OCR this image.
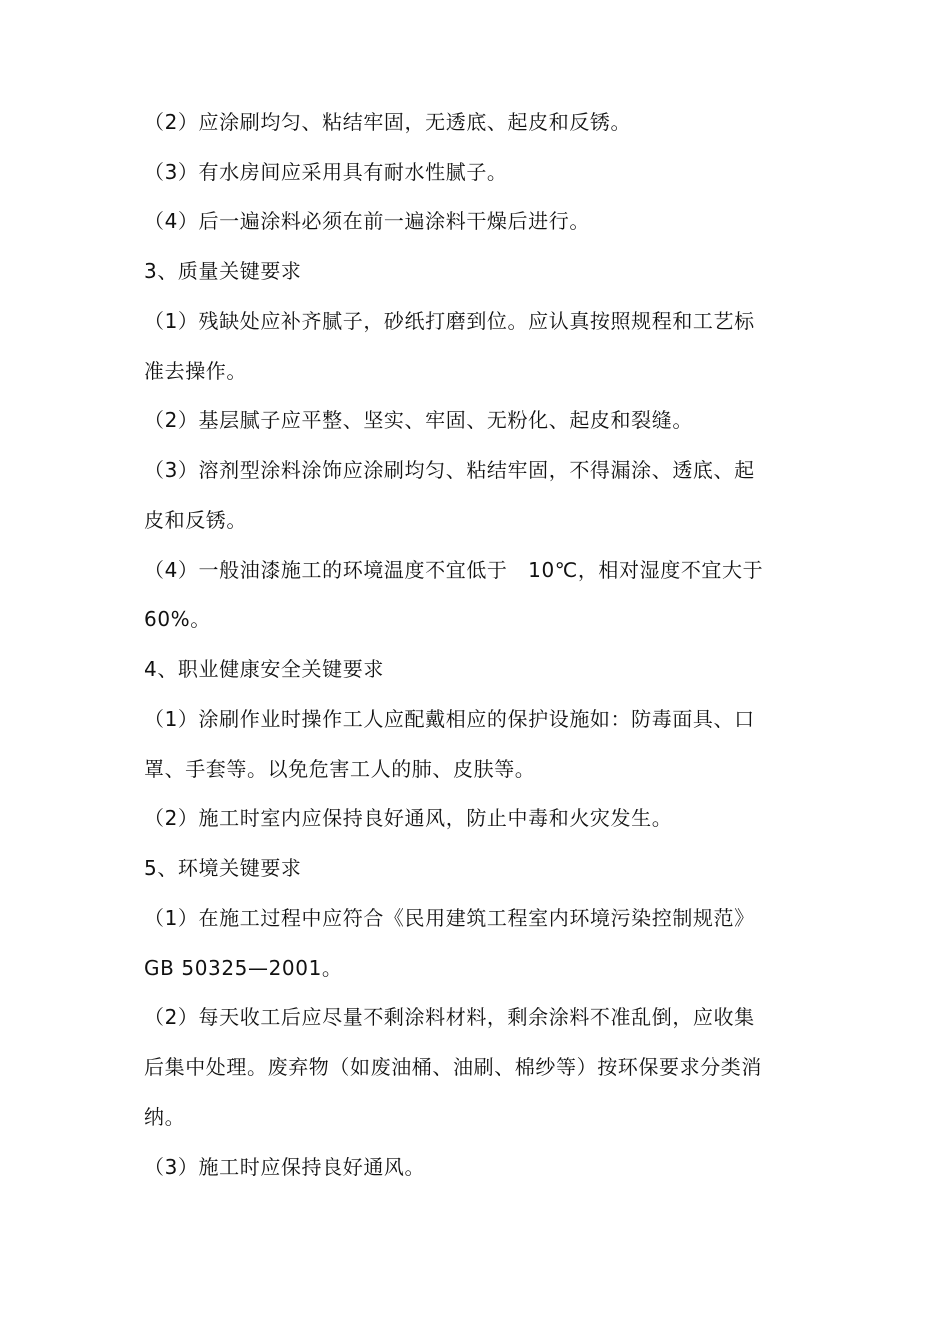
（2）应涂刷均匀、粘结牢固，无透底、起皮和反锈。

（3）有水房间应采用具有耐水性腻子。

（4）后一遍涂料必须在前一遍涂料干燥后进行。

3、质量关键要求

（1）残缺处应补齐腻子，砂纸打磨到位。应认真按照规程和工艺标

准去操作。

（2）基层腻子应平整、坚实、牢固、无粉化、起皮和裂缝。

（3）溶剂型涂料涂饰应涂刷均匀、粘结牢固，不得漏涂、透底、起

皮和反锈。

（4）一般油漆施工的环境温度不宜低于　10℃，相对湿度不宜大于

60%。

4、职业健康安全关键要求

（1）涂刷作业时操作工人应配戴相应的保护设施如：防毒面具、口

罩、手套等。以免危害工人的肺、皮肤等。

（2）施工时室内应保持良好通风，防止中毒和火灾发生。

5、环境关键要求

（1）在施工过程中应符合《民用建筑工程室内环境污染控制规范》

GB 50325—2001。

（2）每天收工后应尽量不剩涂料材料，剩余涂料不准乱倒，应收集

后集中处理。废弃物（如废油桶、油刷、棉纱等）按环保要求分类消

纳。

（3）施工时应保持良好通风。
